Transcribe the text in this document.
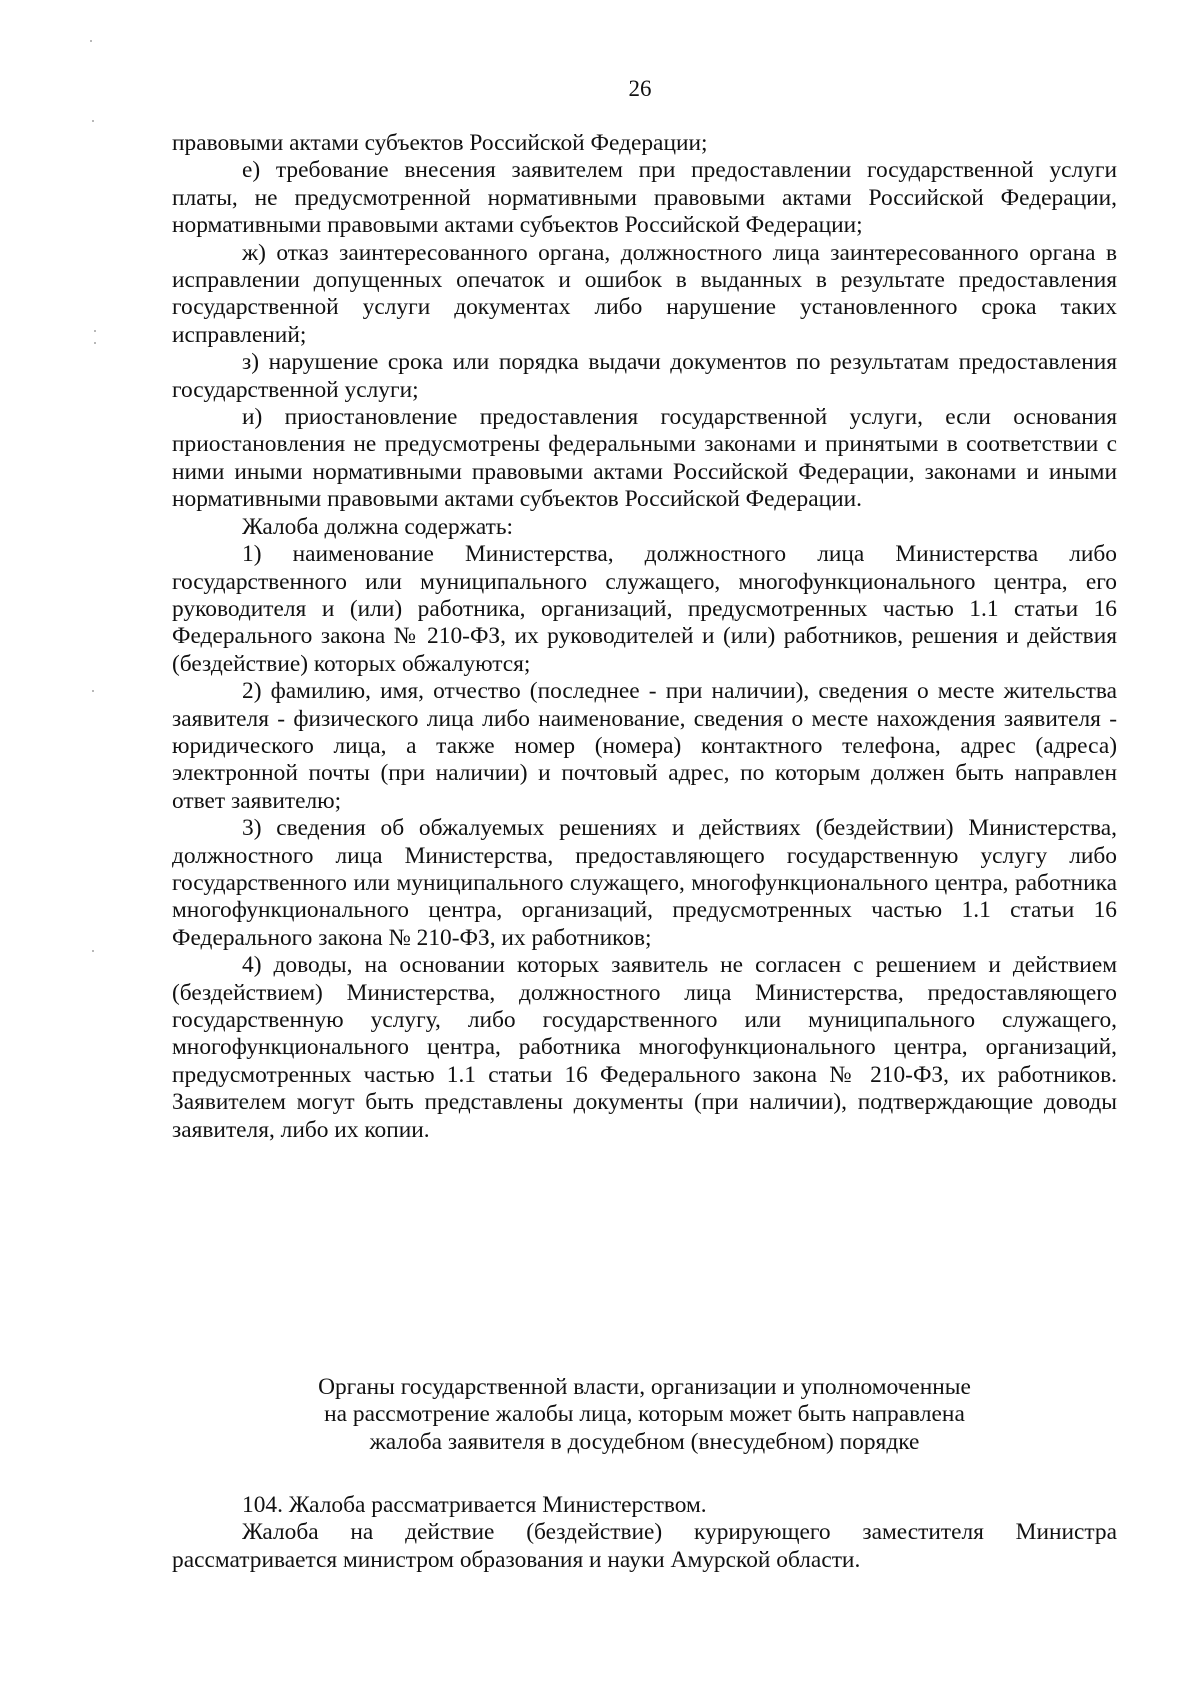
26

правовыми актами субъектов Российской Федерации;

е) требование внесения заявителем при предоставлении государственной услуги платы, не предусмотренной нормативными правовыми актами Российской Федерации, нормативными правовыми актами субъектов Российской Федерации;

ж) отказ заинтересованного органа, должностного лица заинтересованного органа в исправлении допущенных опечаток и ошибок в выданных в результате предоставления государственной услуги документах либо нарушение установленного срока таких исправлений;

з) нарушение срока или порядка выдачи документов по результатам предоставления государственной услуги;

и) приостановление предоставления государственной услуги, если основания приостановления не предусмотрены федеральными законами и принятыми в соответствии с ними иными нормативными правовыми актами Российской Федерации, законами и иными нормативными правовыми актами субъектов Российской Федерации.

Жалоба должна содержать:

1) наименование Министерства, должностного лица Министерства либо государственного или муниципального служащего, многофункционального центра, его руководителя и (или) работника, организаций, предусмотренных частью 1.1 статьи 16 Федерального закона № 210-ФЗ, их руководителей и (или) работников, решения и действия (бездействие) которых обжалуются;

2) фамилию, имя, отчество (последнее - при наличии), сведения о месте жительства заявителя - физического лица либо наименование, сведения о месте нахождения заявителя - юридического лица, а также номер (номера) контактного телефона, адрес (адреса) электронной почты (при наличии) и почтовый адрес, по которым должен быть направлен ответ заявителю;

3) сведения об обжалуемых решениях и действиях (бездействии) Министерства, должностного лица Министерства, предоставляющего государственную услугу либо государственного или муниципального служащего, многофункционального центра, работника многофункционального центра, организаций, предусмотренных частью 1.1 статьи 16 Федерального закона № 210-ФЗ, их работников;

4) доводы, на основании которых заявитель не согласен с решением и действием (бездействием) Министерства, должностного лица Министерства, предоставляющего государственную услугу, либо государственного или муниципального служащего, многофункционального центра, работника многофункционального центра, организаций, предусмотренных частью 1.1 статьи 16 Федерального закона № 210-ФЗ, их работников. Заявителем могут быть представлены документы (при наличии), подтверждающие доводы заявителя, либо их копии.

Органы государственной власти, организации и уполномоченные
на рассмотрение жалобы лица, которым может быть направлена
жалоба заявителя в досудебном (внесудебном) порядке

104. Жалоба рассматривается Министерством.

Жалоба на действие (бездействие) курирующего заместителя Министра рассматривается министром образования и науки Амурской области.
